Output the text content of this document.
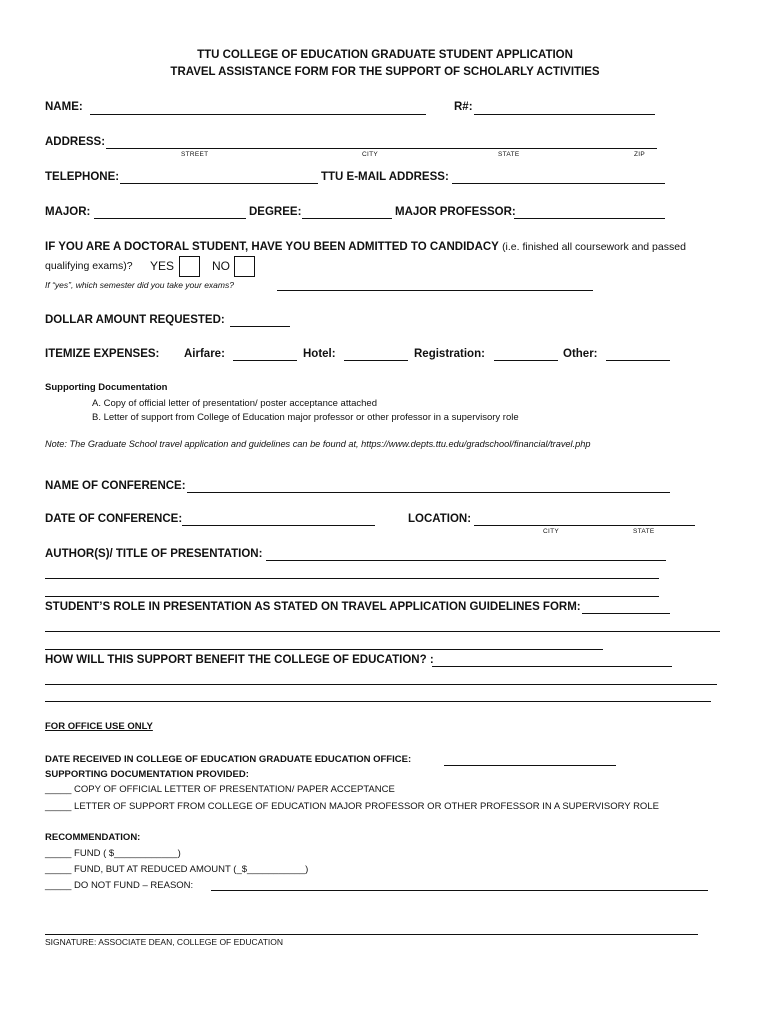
TTU COLLEGE OF EDUCATION GRADUATE STUDENT APPLICATION
TRAVEL ASSISTANCE FORM FOR THE SUPPORT OF SCHOLARLY ACTIVITIES
NAME:	R#:
ADDRESS:
STREET	CITY	STATE	ZIP
TELEPHONE:	TTU E-MAIL ADDRESS:
MAJOR:	DEGREE:	MAJOR PROFESSOR:
IF YOU ARE A DOCTORAL STUDENT, HAVE YOU BEEN ADMITTED TO CANDIDACY (i.e. finished all coursework and passed
qualifying exams)? YES	NO
If “yes”, which semester did you take your exams?
DOLLAR AMOUNT REQUESTED:
ITEMIZE EXPENSES: Airfare:	Hotel:	Registration:	Other:
Supporting Documentation
A. Copy of official letter of presentation/ poster acceptance attached
B. Letter of support from College of Education major professor or other professor in a supervisory role
Note: The Graduate School travel application and guidelines can be found at, https://www.depts.ttu.edu/gradschool/financial/travel.php
NAME OF CONFERENCE:
DATE OF CONFERENCE:	LOCATION:
CITY	STATE
AUTHOR(S)/ TITLE OF PRESENTATION:
STUDENT’S ROLE IN PRESENTATION AS STATED ON TRAVEL APPLICATION GUIDELINES FORM:
HOW WILL THIS SUPPORT BENEFIT THE COLLEGE OF EDUCATION? :
FOR OFFICE USE ONLY
DATE RECEIVED IN COLLEGE OF EDUCATION GRADUATE EDUCATION OFFICE:
SUPPORTING DOCUMENTATION PROVIDED:
_____ COPY OF OFFICIAL LETTER OF PRESENTATION/ PAPER ACCEPTANCE
_____ LETTER OF SUPPORT FROM COLLEGE OF EDUCATION MAJOR PROFESSOR OR OTHER PROFESSOR IN A SUPERVISORY ROLE
RECOMMENDATION:
_____ FUND ( $____________)
_____ FUND, BUT AT REDUCED AMOUNT (_$___________)
_____ DO NOT FUND – REASON:
SIGNATURE: ASSOCIATE DEAN, COLLEGE OF EDUCATION
